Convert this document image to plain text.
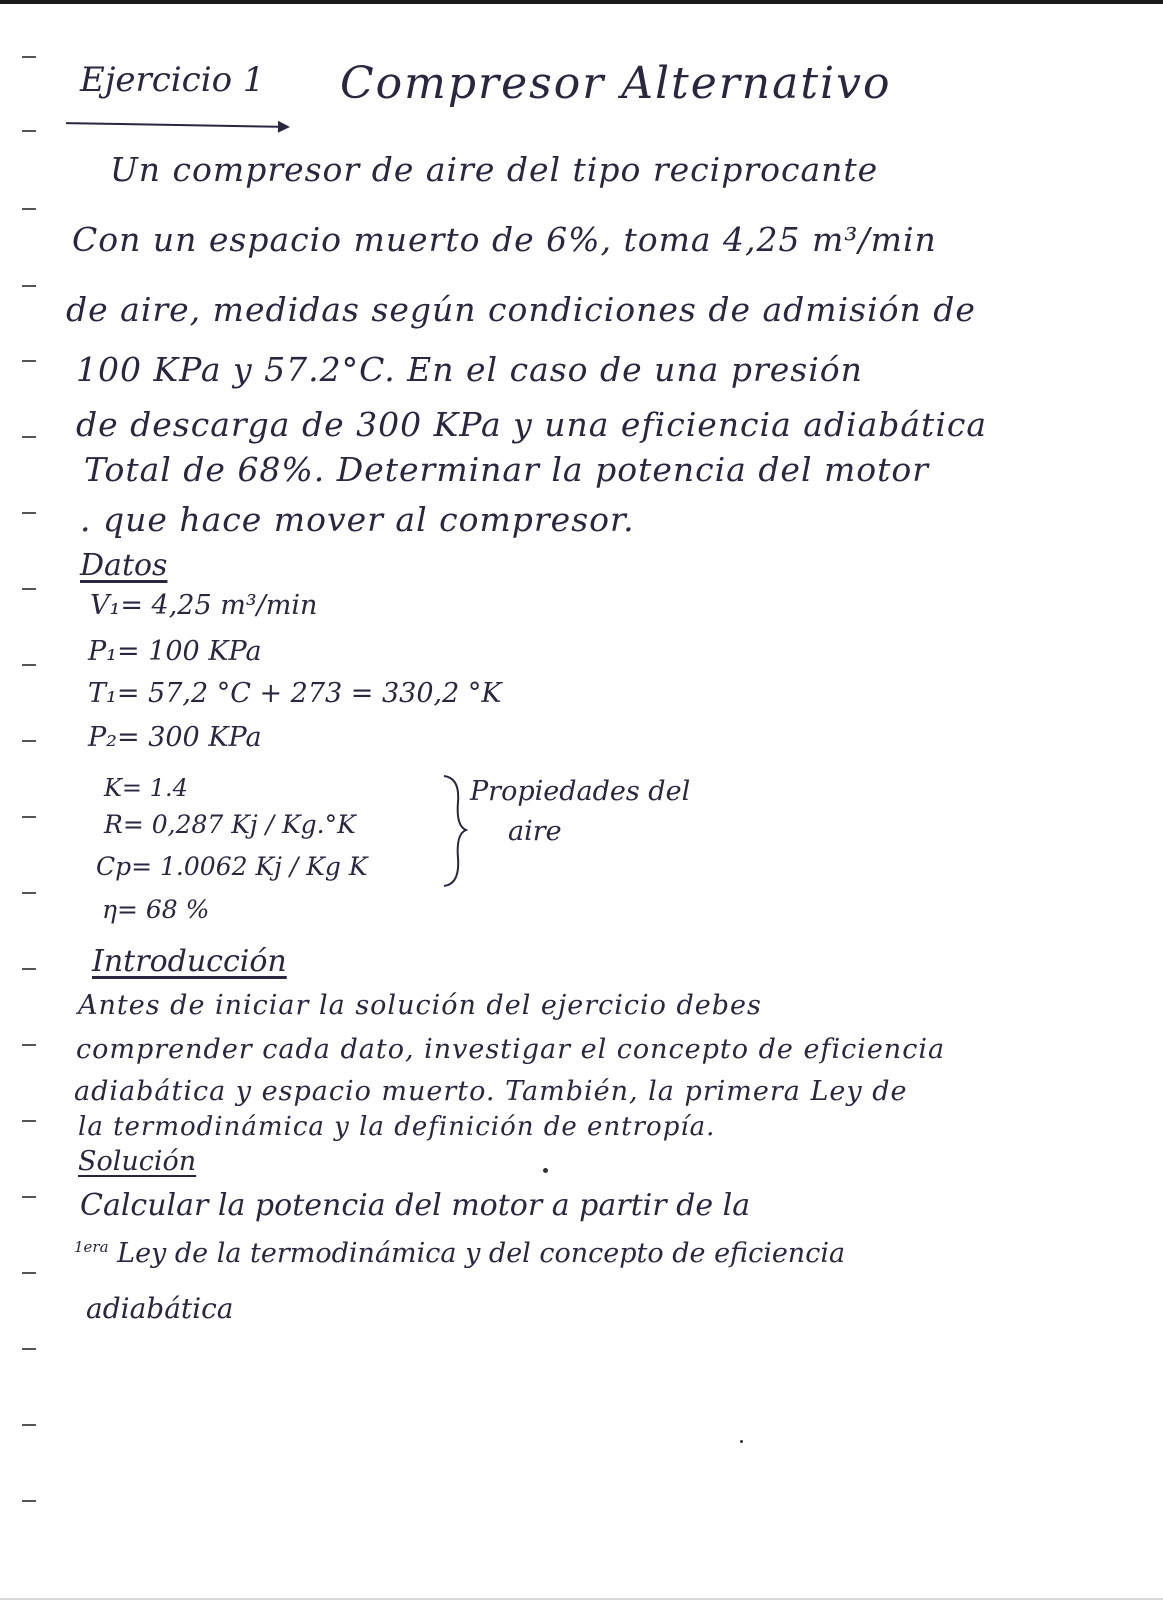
Ejercicio 1 Compresor Alternativo
Un compresor de aire del tipo reciprocante
Con un espacio muerto de 6%, toma 4,25 m³/min
de aire, medidas según condiciones de admisión de
100 KPa y 57.2°C. En el caso de una presión
de descarga de 300 KPa y una eficiencia adiabática
Total de 68%. Determinar la potencia del motor
. que hace mover al compresor.
Datos
V₁= 4,25 m³/min
P₁= 100 KPa
T₁= 57,2 °C + 273 = 330,2 °K
P₂= 300 KPa
K= 1.4
R= 0,287 Kj / Kg.°K
Cp= 1.0062 Kj / Kg K
η= 68 %
Propiedades del
aire
Introducción
Antes de iniciar la solución del ejercicio debes
comprender cada dato, investigar el concepto de eficiencia
adiabática y espacio muerto. También, la primera Ley de
la termodinámica y la definición de entropía.
Solución
Calcular la potencia del motor a partir de la
$^{1era}$ Ley de la termodinámica y del concepto de eficiencia
adiabática
